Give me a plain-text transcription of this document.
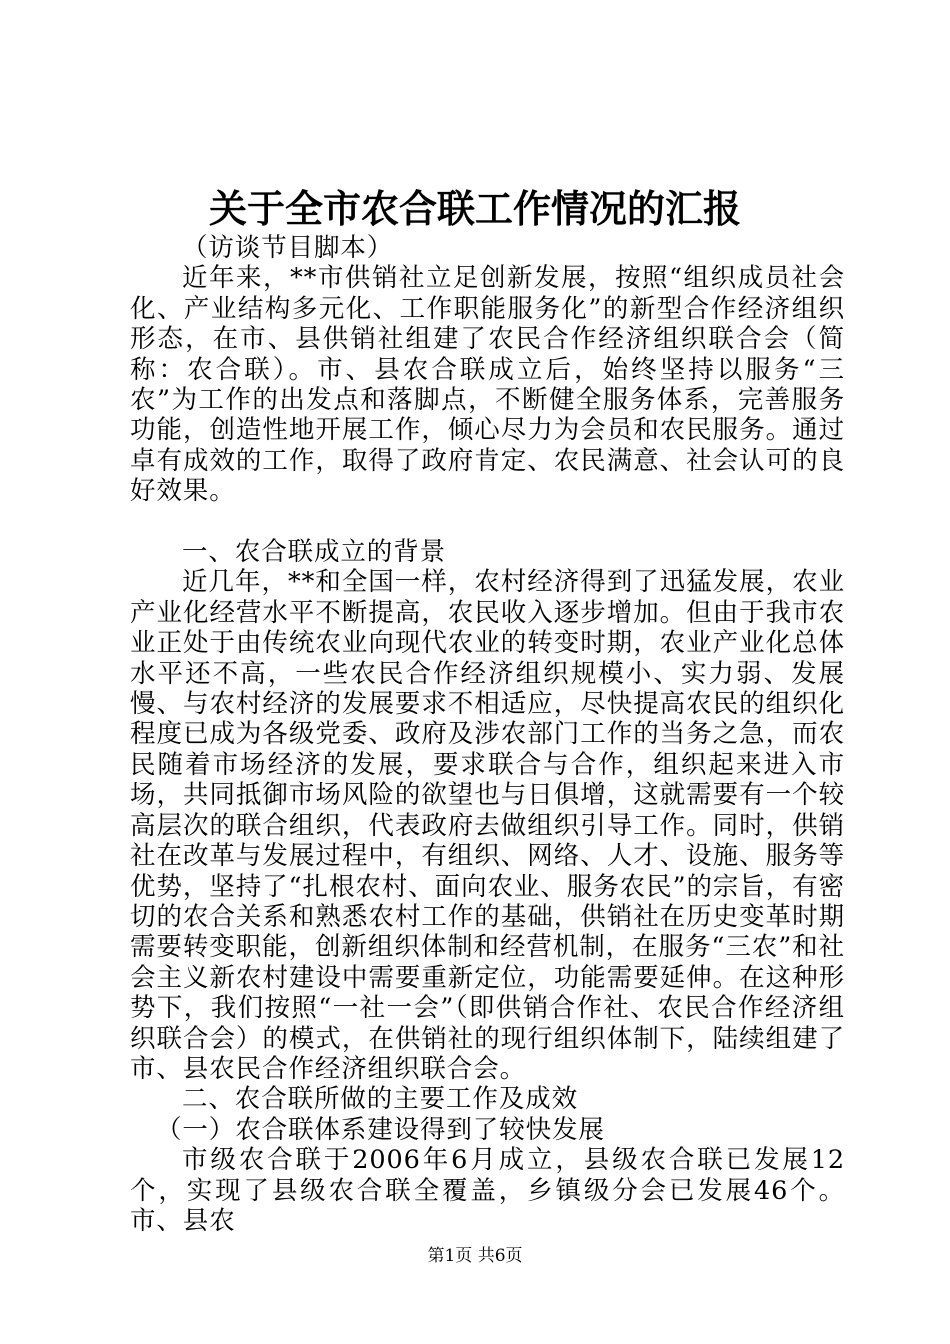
关于全市农合联工作情况的汇报

（访谈节目脚本）

近年来，**市供销社立足创新发展，按照“组织成员社会化、产业结构多元化、工作职能服务化”的新型合作经济组织形态，在市、县供销社组建了农民合作经济组织联合会（简称：农合联）。市、县农合联成立后，始终坚持以服务“三农”为工作的出发点和落脚点，不断健全服务体系，完善服务功能，创造性地开展工作，倾心尽力为会员和农民服务。通过卓有成效的工作，取得了政府肯定、农民满意、社会认可的良好效果。

一、农合联成立的背景

近几年，**和全国一样，农村经济得到了迅猛发展，农业产业化经营水平不断提高，农民收入逐步增加。但由于我市农业正处于由传统农业向现代农业的转变时期，农业产业化总体水平还不高，一些农民合作经济组织规模小、实力弱、发展慢、与农村经济的发展要求不相适应，尽快提高农民的组织化程度已成为各级党委、政府及涉农部门工作的当务之急，而农民随着市场经济的发展，要求联合与合作，组织起来进入市场，共同抵御市场风险的欲望也与日俱增，这就需要有一个较高层次的联合组织，代表政府去做组织引导工作。同时，供销社在改革与发展过程中，有组织、网络、人才、设施、服务等优势，坚持了“扎根农村、面向农业、服务农民”的宗旨，有密切的农合关系和熟悉农村工作的基础，供销社在历史变革时期需要转变职能，创新组织体制和经营机制，在服务“三农”和社会主义新农村建设中需要重新定位，功能需要延伸。在这种形势下，我们按照“一社一会”（即供销合作社、农民合作经济组织联合会）的模式，在供销社的现行组织体制下，陆续组建了市、县农民合作经济组织联合会。

二、农合联所做的主要工作及成效

（一）农合联体系建设得到了较快发展

市级农合联于2006年6月成立，县级农合联已发展12个，实现了县级农合联全覆盖，乡镇级分会已发展46个。市、县农

第1页 共6页
